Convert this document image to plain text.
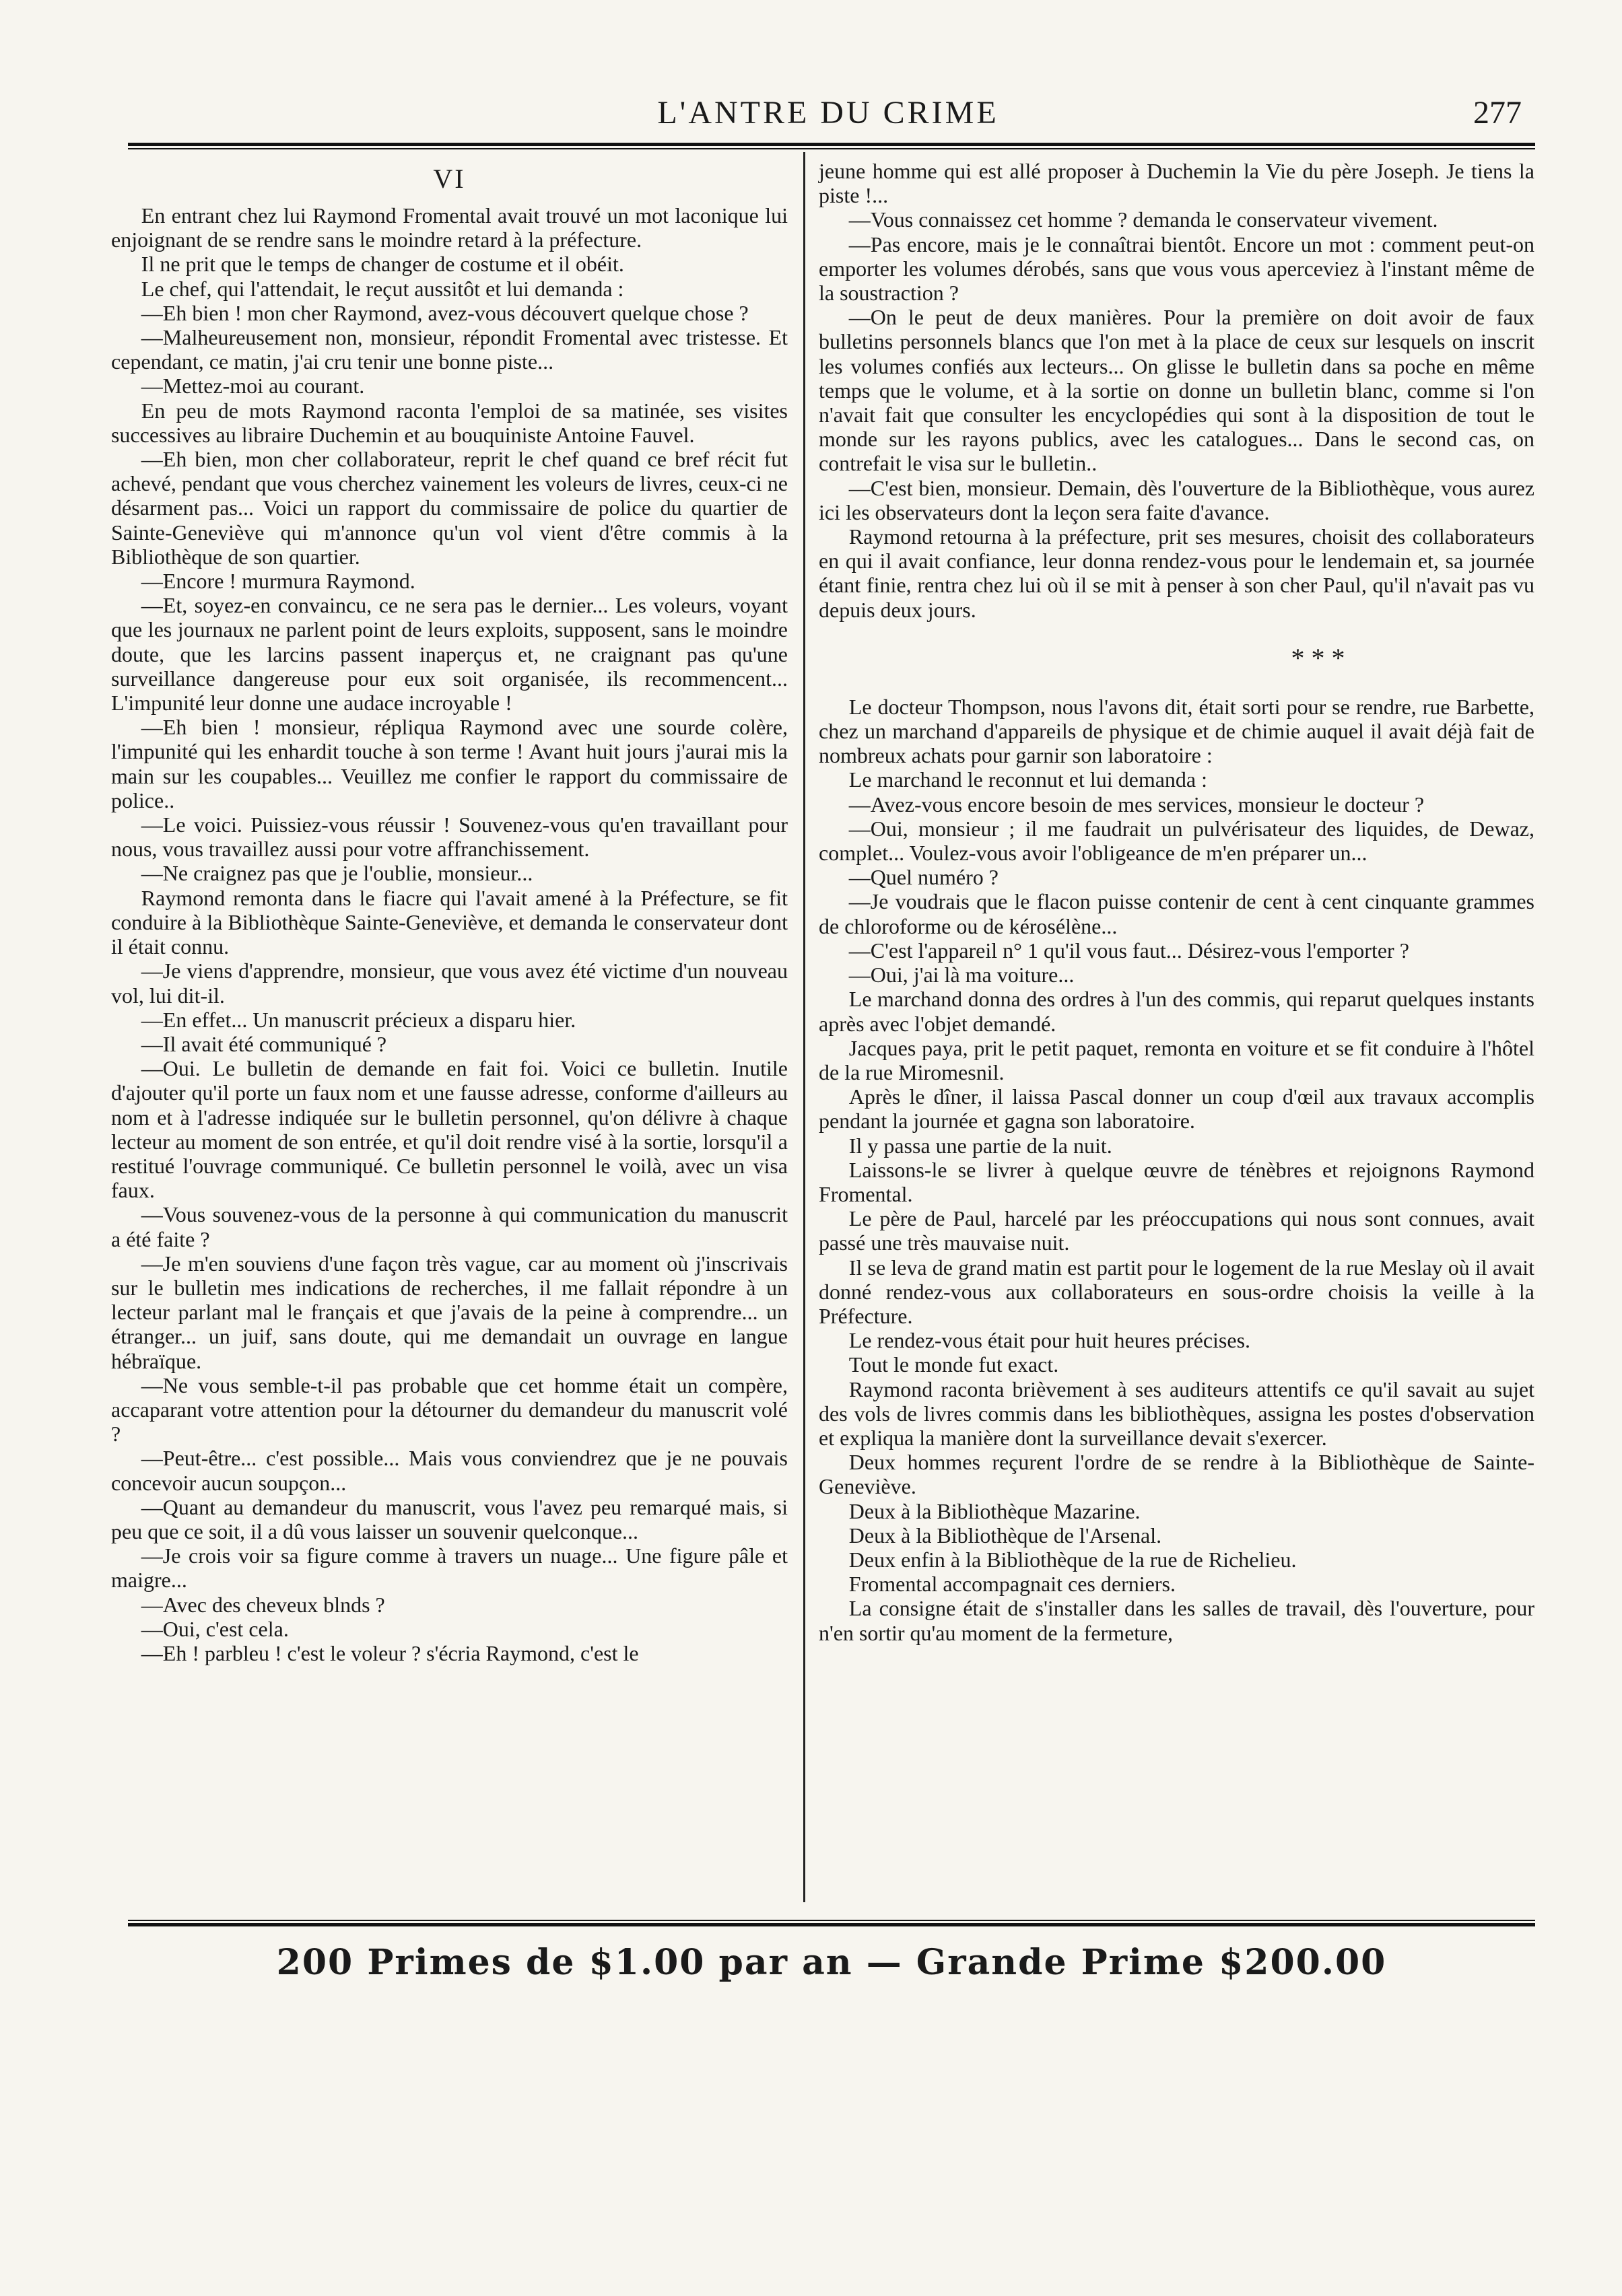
L'ANTRE DU CRIME	277
VI

En entrant chez lui Raymond Fromental avait trouvé un mot laconique lui enjoignant de se rendre sans le moindre retard à la préfecture.

Il ne prit que le temps de changer de costume et il obéit.

Le chef, qui l'attendait, le reçut aussitôt et lui demanda :

—Eh bien ! mon cher Raymond, avez-vous découvert quelque chose ?

—Malheureusement non, monsieur, répondit Fromental avec tristesse. Et cependant, ce matin, j'ai cru tenir une bonne piste...

—Mettez-moi au courant.

En peu de mots Raymond raconta l'emploi de sa matinée, ses visites successives au libraire Duchemin et au bouquiniste Antoine Fauvel.

—Eh bien, mon cher collaborateur, reprit le chef quand ce bref récit fut achevé, pendant que vous cherchez vainement les voleurs de livres, ceux-ci ne désarment pas... Voici un rapport du commissaire de police du quartier de Sainte-Geneviève qui m'annonce qu'un vol vient d'être commis à la Bibliothèque de son quartier.

—Encore ! murmura Raymond.

—Et, soyez-en convaincu, ce ne sera pas le dernier... Les voleurs, voyant que les journaux ne parlent point de leurs exploits, supposent, sans le moindre doute, que les larcins passent inaperçus et, ne craignant pas qu'une surveillance dangereuse pour eux soit organisée, ils recommencent... L'impunité leur donne une audace incroyable !

—Eh bien ! monsieur, répliqua Raymond avec une sourde colère, l'impunité qui les enhardit touche à son terme ! Avant huit jours j'aurai mis la main sur les coupables... Veuillez me confier le rapport du commissaire de police..

—Le voici. Puissiez-vous réussir ! Souvenez-vous qu'en travaillant pour nous, vous travaillez aussi pour votre affranchissement.

—Ne craignez pas que je l'oublie, monsieur...

Raymond remonta dans le fiacre qui l'avait amené à la Préfecture, se fit conduire à la Bibliothèque Sainte-Geneviève, et demanda le conservateur dont il était connu.

—Je viens d'apprendre, monsieur, que vous avez été victime d'un nouveau vol, lui dit-il.

—En effet... Un manuscrit précieux a disparu hier.

—Il avait été communiqué ?

—Oui. Le bulletin de demande en fait foi. Voici ce bulletin. Inutile d'ajouter qu'il porte un faux nom et une fausse adresse, conforme d'ailleurs au nom et à l'adresse indiquée sur le bulletin personnel, qu'on délivre à chaque lecteur au moment de son entrée, et qu'il doit rendre visé à la sortie, lorsqu'il a restitué l'ouvrage communiqué. Ce bulletin personnel le voilà, avec un visa faux.

—Vous souvenez-vous de la personne à qui communication du manuscrit a été faite ?

—Je m'en souviens d'une façon très vague, car au moment où j'inscrivais sur le bulletin mes indications de recherches, il me fallait répondre à un lecteur parlant mal le français et que j'avais de la peine à comprendre... un étranger... un juif, sans doute, qui me demandait un ouvrage en langue hébraïque.

—Ne vous semble-t-il pas probable que cet homme était un compère, accaparant votre attention pour la détourner du demandeur du manuscrit volé ?

—Peut-être... c'est possible... Mais vous conviendrez que je ne pouvais concevoir aucun soupçon...

—Quant au demandeur du manuscrit, vous l'avez peu remarqué mais, si peu que ce soit, il a dû vous laisser un souvenir quelconque...

—Je crois voir sa figure comme à travers un nuage... Une figure pâle et maigre...

—Avec des cheveux blnds ?

—Oui, c'est cela.

—Eh ! parbleu ! c'est le voleur ? s'écria Raymond, c'est le

jeune homme qui est allé proposer à Duchemin la Vie du père Joseph. Je tiens la piste !...

—Vous connaissez cet homme ? demanda le conservateur vivement.

—Pas encore, mais je le connaîtrai bientôt. Encore un mot : comment peut-on emporter les volumes dérobés, sans que vous vous aperceviez à l'instant même de la soustraction ?

—On le peut de deux manières. Pour la première on doit avoir de faux bulletins personnels blancs que l'on met à la place de ceux sur lesquels on inscrit les volumes confiés aux lecteurs... On glisse le bulletin dans sa poche en même temps que le volume, et à la sortie on donne un bulletin blanc, comme si l'on n'avait fait que consulter les encyclopédies qui sont à la disposition de tout le monde sur les rayons publics, avec les catalogues... Dans le second cas, on contrefait le visa sur le bulletin..

—C'est bien, monsieur. Demain, dès l'ouverture de la Bibliothèque, vous aurez ici les observateurs dont la leçon sera faite d'avance.

Raymond retourna à la préfecture, prit ses mesures, choisit des collaborateurs en qui il avait confiance, leur donna rendez-vous pour le lendemain et, sa journée étant finie, rentra chez lui où il se mit à penser à son cher Paul, qu'il n'avait pas vu depuis deux jours.

* * *

Le docteur Thompson, nous l'avons dit, était sorti pour se rendre, rue Barbette, chez un marchand d'appareils de physique et de chimie auquel il avait déjà fait de nombreux achats pour garnir son laboratoire :

Le marchand le reconnut et lui demanda :

—Avez-vous encore besoin de mes services, monsieur le docteur ?

—Oui, monsieur ; il me faudrait un pulvérisateur des liquides, de Dewaz, complet... Voulez-vous avoir l'obligeance de m'en préparer un...

—Quel numéro ?

—Je voudrais que le flacon puisse contenir de cent à cent cinquante grammes de chloroforme ou de kérosélène...

—C'est l'appareil n° 1 qu'il vous faut... Désirez-vous l'emporter ?

—Oui, j'ai là ma voiture...

Le marchand donna des ordres à l'un des commis, qui reparut quelques instants après avec l'objet demandé.

Jacques paya, prit le petit paquet, remonta en voiture et se fit conduire à l'hôtel de la rue Miromesnil.

Après le dîner, il laissa Pascal donner un coup d'œil aux travaux accomplis pendant la journée et gagna son laboratoire.

Il y passa une partie de la nuit.

Laissons-le se livrer à quelque œuvre de ténèbres et rejoignons Raymond Fromental.

Le père de Paul, harcelé par les préoccupations qui nous sont connues, avait passé une très mauvaise nuit.

Il se leva de grand matin est partit pour le logement de la rue Meslay où il avait donné rendez-vous aux collaborateurs en sous-ordre choisis la veille à la Préfecture.

Le rendez-vous était pour huit heures précises.

Tout le monde fut exact.

Raymond raconta brièvement à ses auditeurs attentifs ce qu'il savait au sujet des vols de livres commis dans les bibliothèques, assigna les postes d'observation et expliqua la manière dont la surveillance devait s'exercer.

Deux hommes reçurent l'ordre de se rendre à la Bibliothèque de Sainte-Geneviève.

Deux à la Bibliothèque Mazarine.

Deux à la Bibliothèque de l'Arsenal.

Deux enfin à la Bibliothèque de la rue de Richelieu.

Fromental accompagnait ces derniers.

La consigne était de s'installer dans les salles de travail, dès l'ouverture, pour n'en sortir qu'au moment de la fermeture,

200 Primes de $1.00 par an — Grande Prime $200.00
